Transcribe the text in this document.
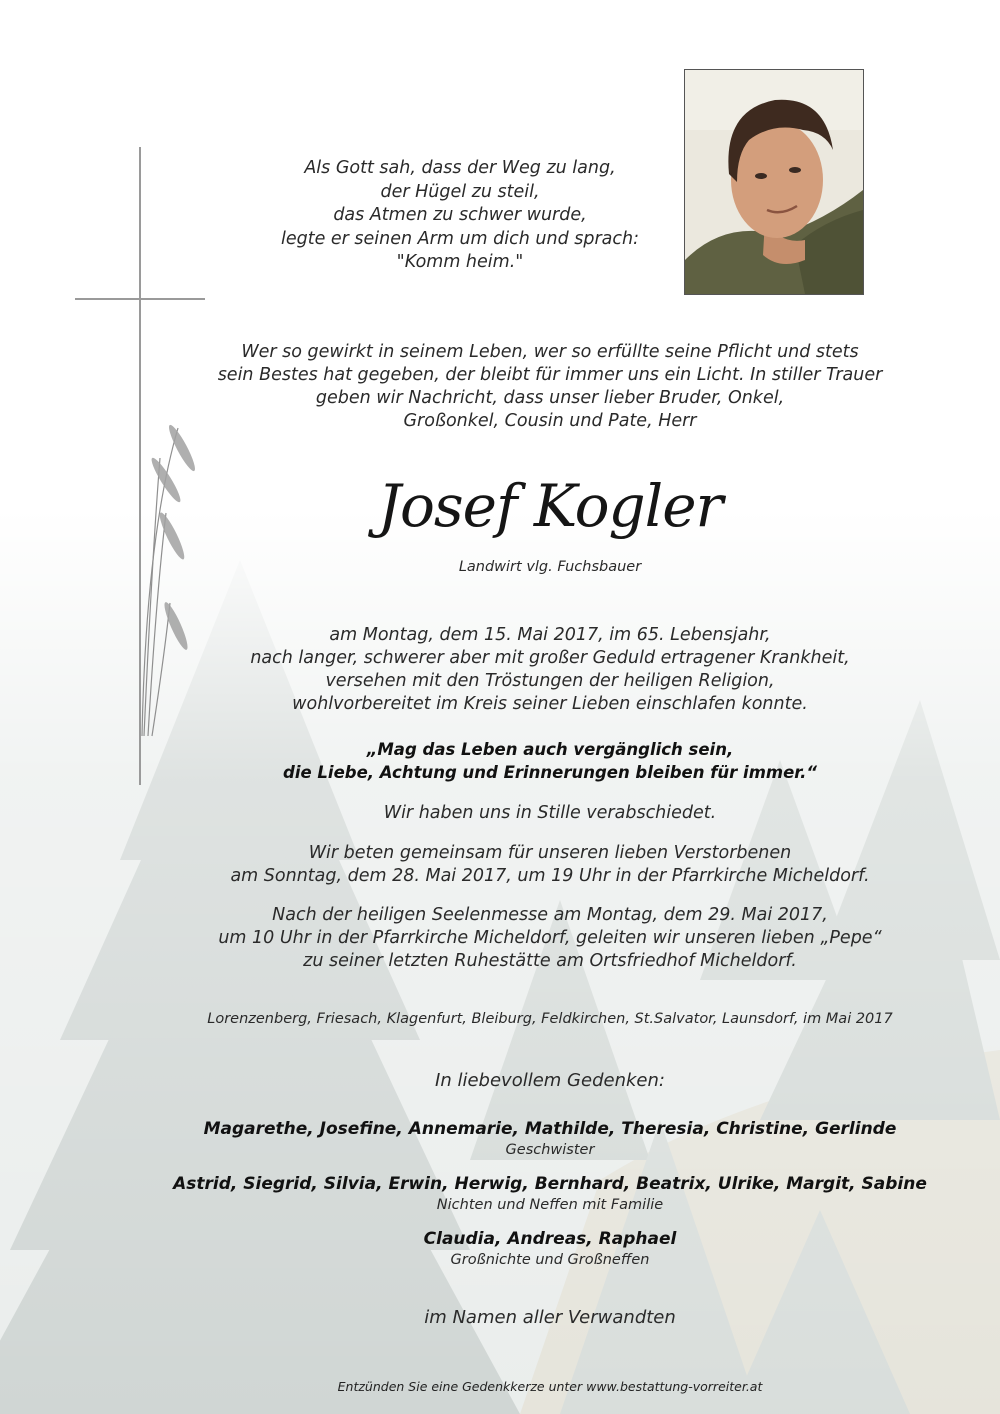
Als Gott sah, dass der Weg zu lang,

der Hügel zu steil,

das Atmen zu schwer wurde,

legte er seinen Arm um dich und sprach:

"Komm heim."

Wer so gewirkt in seinem Leben, wer so erfüllte seine Pflicht und stets

sein Bestes hat gegeben, der bleibt für immer uns ein Licht. In stiller Trauer

geben wir Nachricht, dass unser lieber Bruder, Onkel,

Großonkel, Cousin und Pate, Herr

Josef Kogler
Landwirt vlg. Fuchsbauer

am Montag, dem 15. Mai 2017, im 65. Lebensjahr,

nach langer, schwerer aber mit großer Geduld ertragener Krankheit,

versehen mit den Tröstungen der heiligen Religion,

wohlvorbereitet im Kreis seiner Lieben einschlafen konnte.

„Mag das Leben auch vergänglich sein,

die Liebe, Achtung und Erinnerungen bleiben für immer.“

Wir haben uns in Stille verabschiedet.

Wir beten gemeinsam für unseren lieben Verstorbenen

am Sonntag, dem 28. Mai 2017, um 19 Uhr in der Pfarrkirche Micheldorf.

Nach der heiligen Seelenmesse am Montag, dem 29. Mai 2017,

um 10 Uhr in der Pfarrkirche Micheldorf, geleiten wir unseren lieben „Pepe“

zu seiner letzten Ruhestätte am Ortsfriedhof Micheldorf.

Lorenzenberg, Friesach, Klagenfurt, Bleiburg, Feldkirchen, St.Salvator, Launsdorf, im Mai 2017
In liebevollem Gedenken:

Magarethe, Josefine, Annemarie, Mathilde, Theresia, Christine, Gerlinde

Geschwister

Astrid, Siegrid, Silvia, Erwin, Herwig, Bernhard, Beatrix, Ulrike, Margit, Sabine

Nichten und Neffen mit Familie

Claudia, Andreas, Raphael

Großnichte und Großneffen

im Namen aller Verwandten
Entzünden Sie eine Gedenkkerze unter www.bestattung-vorreiter.at
